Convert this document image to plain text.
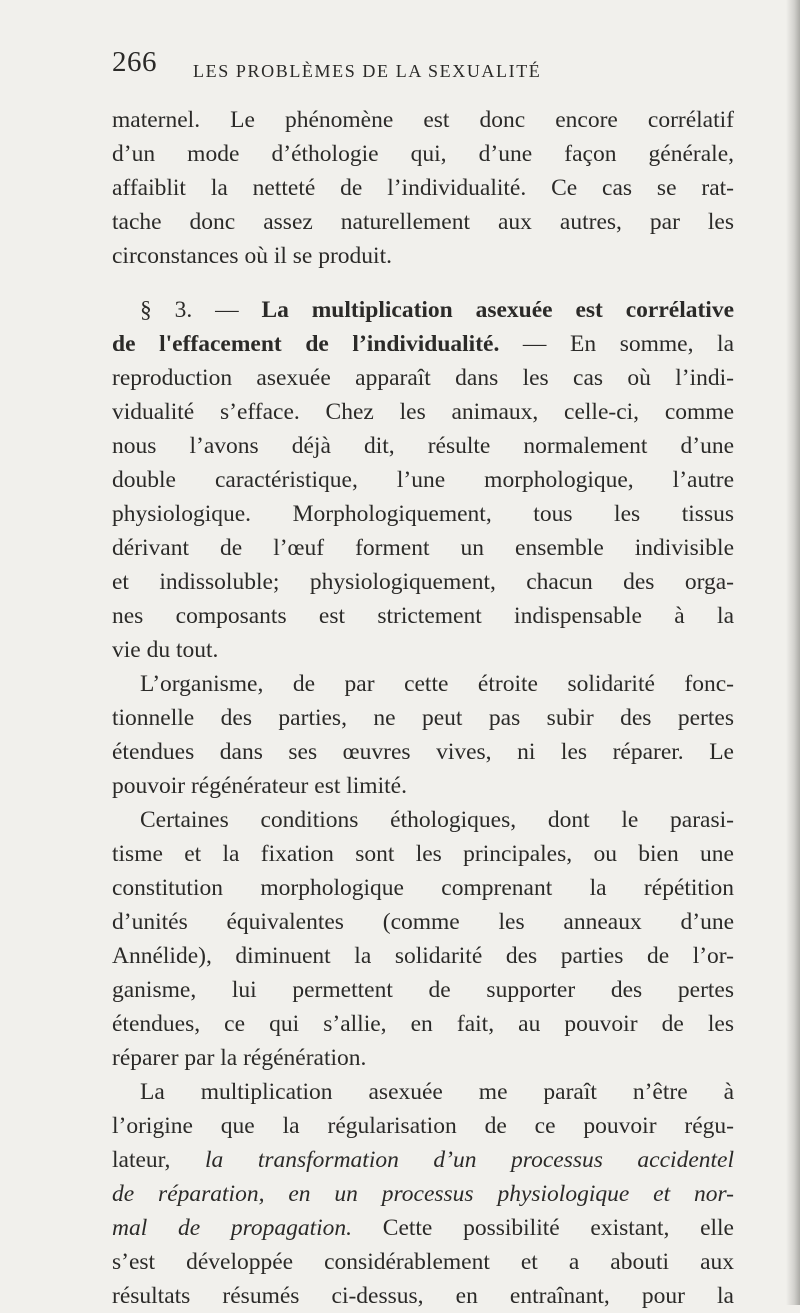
266 LES PROBLÈMES DE LA SEXUALITÉ
maternel. Le phénomène est donc encore corrélatif
d’un mode d’éthologie qui, d’une façon générale,
affaiblit la netteté de l’individualité. Ce cas se rat-
tache donc assez naturellement aux autres, par les
circonstances où il se produit.
§ 3. — La multiplication asexuée est corrélative
de l'effacement de l’individualité. — En somme, la
reproduction asexuée apparaît dans les cas où l’indi-
vidualité s’efface. Chez les animaux, celle-ci, comme
nous l’avons déjà dit, résulte normalement d’une
double caractéristique, l’une morphologique, l’autre
physiologique. Morphologiquement, tous les tissus
dérivant de l’œuf forment un ensemble indivisible
et indissoluble; physiologiquement, chacun des orga-
nes composants est strictement indispensable à la
vie du tout.
L’organisme, de par cette étroite solidarité fonc-
tionnelle des parties, ne peut pas subir des pertes
étendues dans ses œuvres vives, ni les réparer. Le
pouvoir régénérateur est limité.
Certaines conditions éthologiques, dont le parasi-
tisme et la fixation sont les principales, ou bien une
constitution morphologique comprenant la répétition
d’unités équivalentes (comme les anneaux d’une
Annélide), diminuent la solidarité des parties de l’or-
ganisme, lui permettent de supporter des pertes
étendues, ce qui s’allie, en fait, au pouvoir de les
réparer par la régénération.
La multiplication asexuée me paraît n’être à
l’origine que la régularisation de ce pouvoir régu-
lateur, la transformation d’un processus accidentel
de réparation, en un processus physiologique et nor-
mal de propagation. Cette possibilité existant, elle
s’est développée considérablement et a abouti aux
résultats résumés ci-dessus, en entraînant, pour la
